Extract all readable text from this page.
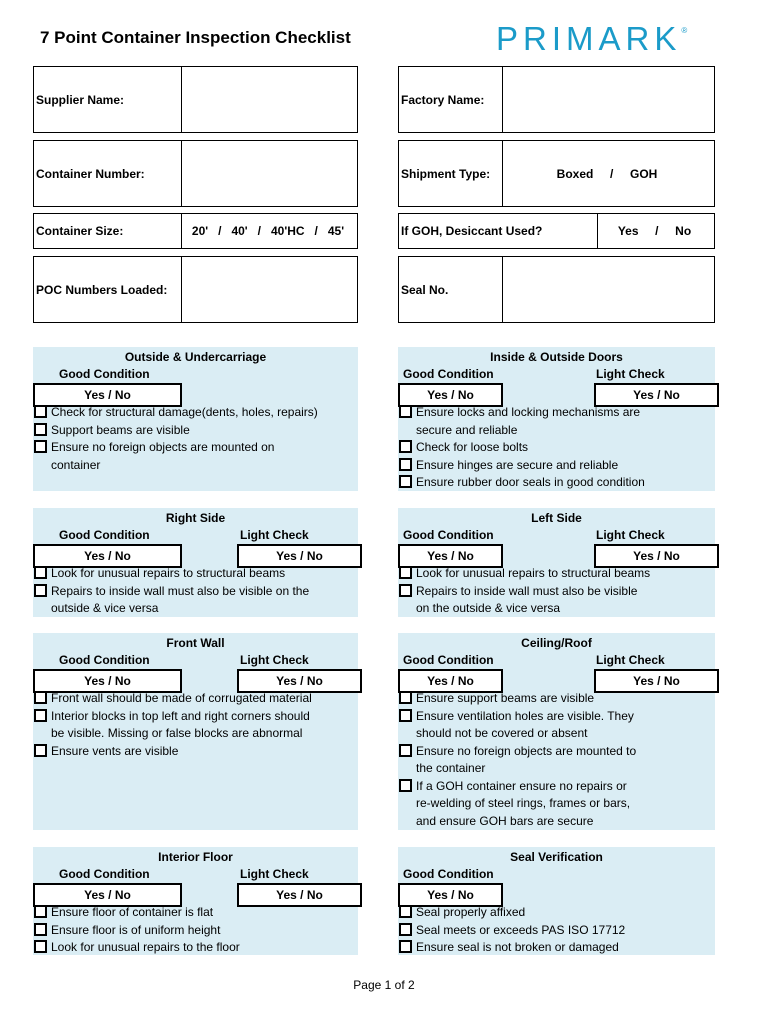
7 Point Container Inspection Checklist	PRIMARK®
Supplier Name:	Factory Name:
Container Number:	Shipment Type:	Boxed     /     GOH
Container Size:	20'   /   40'   /   40'HC   /   45'	If GOH, Desiccant Used?	Yes     /     No
POC Numbers Loaded:	Seal No.
Outside & Undercarriage
Good Condition
Yes / No
Check for structural damage(dents, holes, repairs)
Support beams are visible
Ensure no foreign objects are mounted on
container
Inside & Outside Doors
Good Condition	Light Check
Yes / No	Yes / No
Ensure locks and locking mechanisms are
secure and reliable
Check for loose bolts
Ensure hinges are secure and reliable
Ensure rubber door seals in good condition
Right Side
Good Condition	Light Check
Yes / No	Yes / No
Look for unusual repairs to structural beams
Repairs to inside wall must also be visible on the
outside & vice versa
Left Side
Good Condition	Light Check
Yes / No	Yes / No
Look for unusual repairs to structural beams
Repairs to inside wall must also be visible
on the outside & vice versa
Front Wall
Good Condition	Light Check
Yes / No	Yes / No
Front wall should be made of corrugated material
Interior blocks in top left and right corners should
be visible. Missing or false blocks are abnormal
Ensure vents are visible
Ceiling/Roof
Good Condition	Light Check
Yes / No	Yes / No
Ensure support beams are visible
Ensure ventilation holes are visible. They
should not be covered or absent
Ensure no foreign objects are mounted to
the container
If a GOH container ensure no repairs or
re-welding of steel rings, frames or bars,
and ensure GOH bars are secure
Interior Floor
Good Condition	Light Check
Yes / No	Yes / No
Ensure floor of container is flat
Ensure floor is of uniform height
Look for unusual repairs to the floor
Seal Verification
Good Condition
Yes / No
Seal properly affixed
Seal meets or exceeds PAS ISO 17712
Ensure seal is not broken or damaged
Page 1 of 2
